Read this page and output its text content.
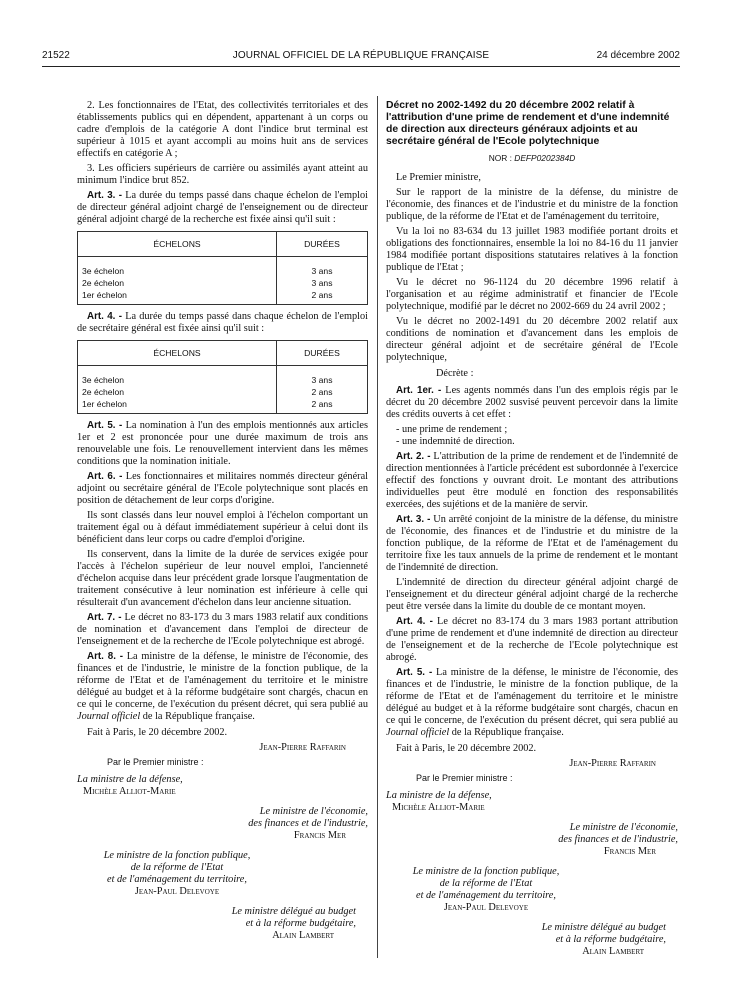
21522	JOURNAL OFFICIEL DE LA RÉPUBLIQUE FRANÇAISE	24 décembre 2002

2. Les fonctionnaires de l'Etat, des collectivités territoriales et des établissements publics qui en dépendent, appartenant à un corps ou cadre d'emplois de la catégorie A dont l'indice brut terminal est supérieur à 1015 et ayant accompli au moins huit ans de services effectifs en catégorie A ;

3. Les officiers supérieurs de carrière ou assimilés ayant atteint au minimum l'indice brut 852.

Art. 3. - La durée du temps passé dans chaque échelon de l'emploi de directeur général adjoint chargé de l'enseignement ou de directeur général adjoint chargé de la recherche est fixée ainsi qu'il suit :

ÉCHELONS	DURÉES
3e échelon	3 ans
2e échelon	3 ans
1er échelon	2 ans

Art. 4. - La durée du temps passé dans chaque échelon de l'emploi de secrétaire général est fixée ainsi qu'il suit :

ÉCHELONS	DURÉES
3e échelon	3 ans
2e échelon	2 ans
1er échelon	2 ans

Art. 5. - La nomination à l'un des emplois mentionnés aux articles 1er et 2 est prononcée pour une durée maximum de trois ans renouvelable une fois. Le renouvellement intervient dans les mêmes conditions que la nomination initiale.

Art. 6. - Les fonctionnaires et militaires nommés directeur général adjoint ou secrétaire général de l'Ecole polytechnique sont placés en position de détachement de leur corps d'origine.

Ils sont classés dans leur nouvel emploi à l'échelon comportant un traitement égal ou à défaut immédiatement supérieur à celui dont ils bénéficient dans leur corps ou cadre d'emploi d'origine.

Ils conservent, dans la limite de la durée de services exigée pour l'accès à l'échelon supérieur de leur nouvel emploi, l'ancienneté d'échelon acquise dans leur précédent grade lorsque l'augmentation de traitement consécutive à leur nomination est inférieure à celle qui résulterait d'un avancement d'échelon dans leur ancienne situation.

Art. 7. - Le décret no 83-173 du 3 mars 1983 relatif aux conditions de nomination et d'avancement dans l'emploi de directeur de l'enseignement et de la recherche de l'Ecole polytechnique est abrogé.

Art. 8. - La ministre de la défense, le ministre de l'économie, des finances et de l'industrie, le ministre de la fonction publique, de la réforme de l'Etat et de l'aménagement du territoire et le ministre délégué au budget et à la réforme budgétaire sont chargés, chacun en ce qui le concerne, de l'exécution du présent décret, qui sera publié au Journal officiel de la République française.

Fait à Paris, le 20 décembre 2002.

Jean-Pierre Raffarin

Par le Premier ministre :

La ministre de la défense,
Michèle Alliot-Marie
Le ministre de l'économie,
des finances et de l'industrie,
Francis Mer
Le ministre de la fonction publique,
de la réforme de l'Etat
et de l'aménagement du territoire,
Jean-Paul Delevoye
Le ministre délégué au budget
et à la réforme budgétaire,
Alain Lambert
Décret no 2002-1492 du 20 décembre 2002 relatif à l'attribution d'une prime de rendement et d'une indemnité de direction aux directeurs généraux adjoints et au secrétaire général de l'Ecole polytechnique
NOR : DEFP0202384D

Le Premier ministre,

Sur le rapport de la ministre de la défense, du ministre de l'économie, des finances et de l'industrie et du ministre de la fonction publique, de la réforme de l'Etat et de l'aménagement du territoire,

Vu la loi no 83-634 du 13 juillet 1983 modifiée portant droits et obligations des fonctionnaires, ensemble la loi no 84-16 du 11 janvier 1984 modifiée portant dispositions statutaires relatives à la fonction publique de l'Etat ;

Vu le décret no 96-1124 du 20 décembre 1996 relatif à l'organisation et au régime administratif et financier de l'Ecole polytechnique, modifié par le décret no 2002-669 du 24 avril 2002 ;

Vu le décret no 2002-1491 du 20 décembre 2002 relatif aux conditions de nomination et d'avancement dans les emplois de directeur général adjoint et de secrétaire général de l'Ecole polytechnique,

Décrète :

Art. 1er. - Les agents nommés dans l'un des emplois régis par le décret du 20 décembre 2002 susvisé peuvent percevoir dans la limite des crédits ouverts à cet effet :

- une prime de rendement ;

- une indemnité de direction.

Art. 2. - L'attribution de la prime de rendement et de l'indemnité de direction mentionnées à l'article précédent est subordonnée à l'exercice effectif des fonctions y ouvrant droit. Le montant des attributions individuelles peut être modulé en fonction des responsabilités exercées, des sujétions et de la manière de servir.

Art. 3. - Un arrêté conjoint de la ministre de la défense, du ministre de l'économie, des finances et de l'industrie et du ministre de la fonction publique, de la réforme de l'Etat et de l'aménagement du territoire fixe les taux annuels de la prime de rendement et le montant de l'indemnité de direction.

L'indemnité de direction du directeur général adjoint chargé de l'enseignement et du directeur général adjoint chargé de la recherche peut être versée dans la limite du double de ce montant moyen.

Art. 4. - Le décret no 83-174 du 3 mars 1983 portant attribution d'une prime de rendement et d'une indemnité de direction au directeur de l'enseignement et de la recherche de l'Ecole polytechnique est abrogé.

Art. 5. - La ministre de la défense, le ministre de l'économie, des finances et de l'industrie, le ministre de la fonction publique, de la réforme de l'Etat et de l'aménagement du territoire et le ministre délégué au budget et à la réforme budgétaire sont chargés, chacun en ce qui le concerne, de l'exécution du présent décret, qui sera publié au Journal officiel de la République française.

Fait à Paris, le 20 décembre 2002.

Jean-Pierre Raffarin

Par le Premier ministre :

La ministre de la défense,
Michèle Alliot-Marie
Le ministre de l'économie,
des finances et de l'industrie,
Francis Mer
Le ministre de la fonction publique,
de la réforme de l'Etat
et de l'aménagement du territoire,
Jean-Paul Delevoye
Le ministre délégué au budget
et à la réforme budgétaire,
Alain Lambert
